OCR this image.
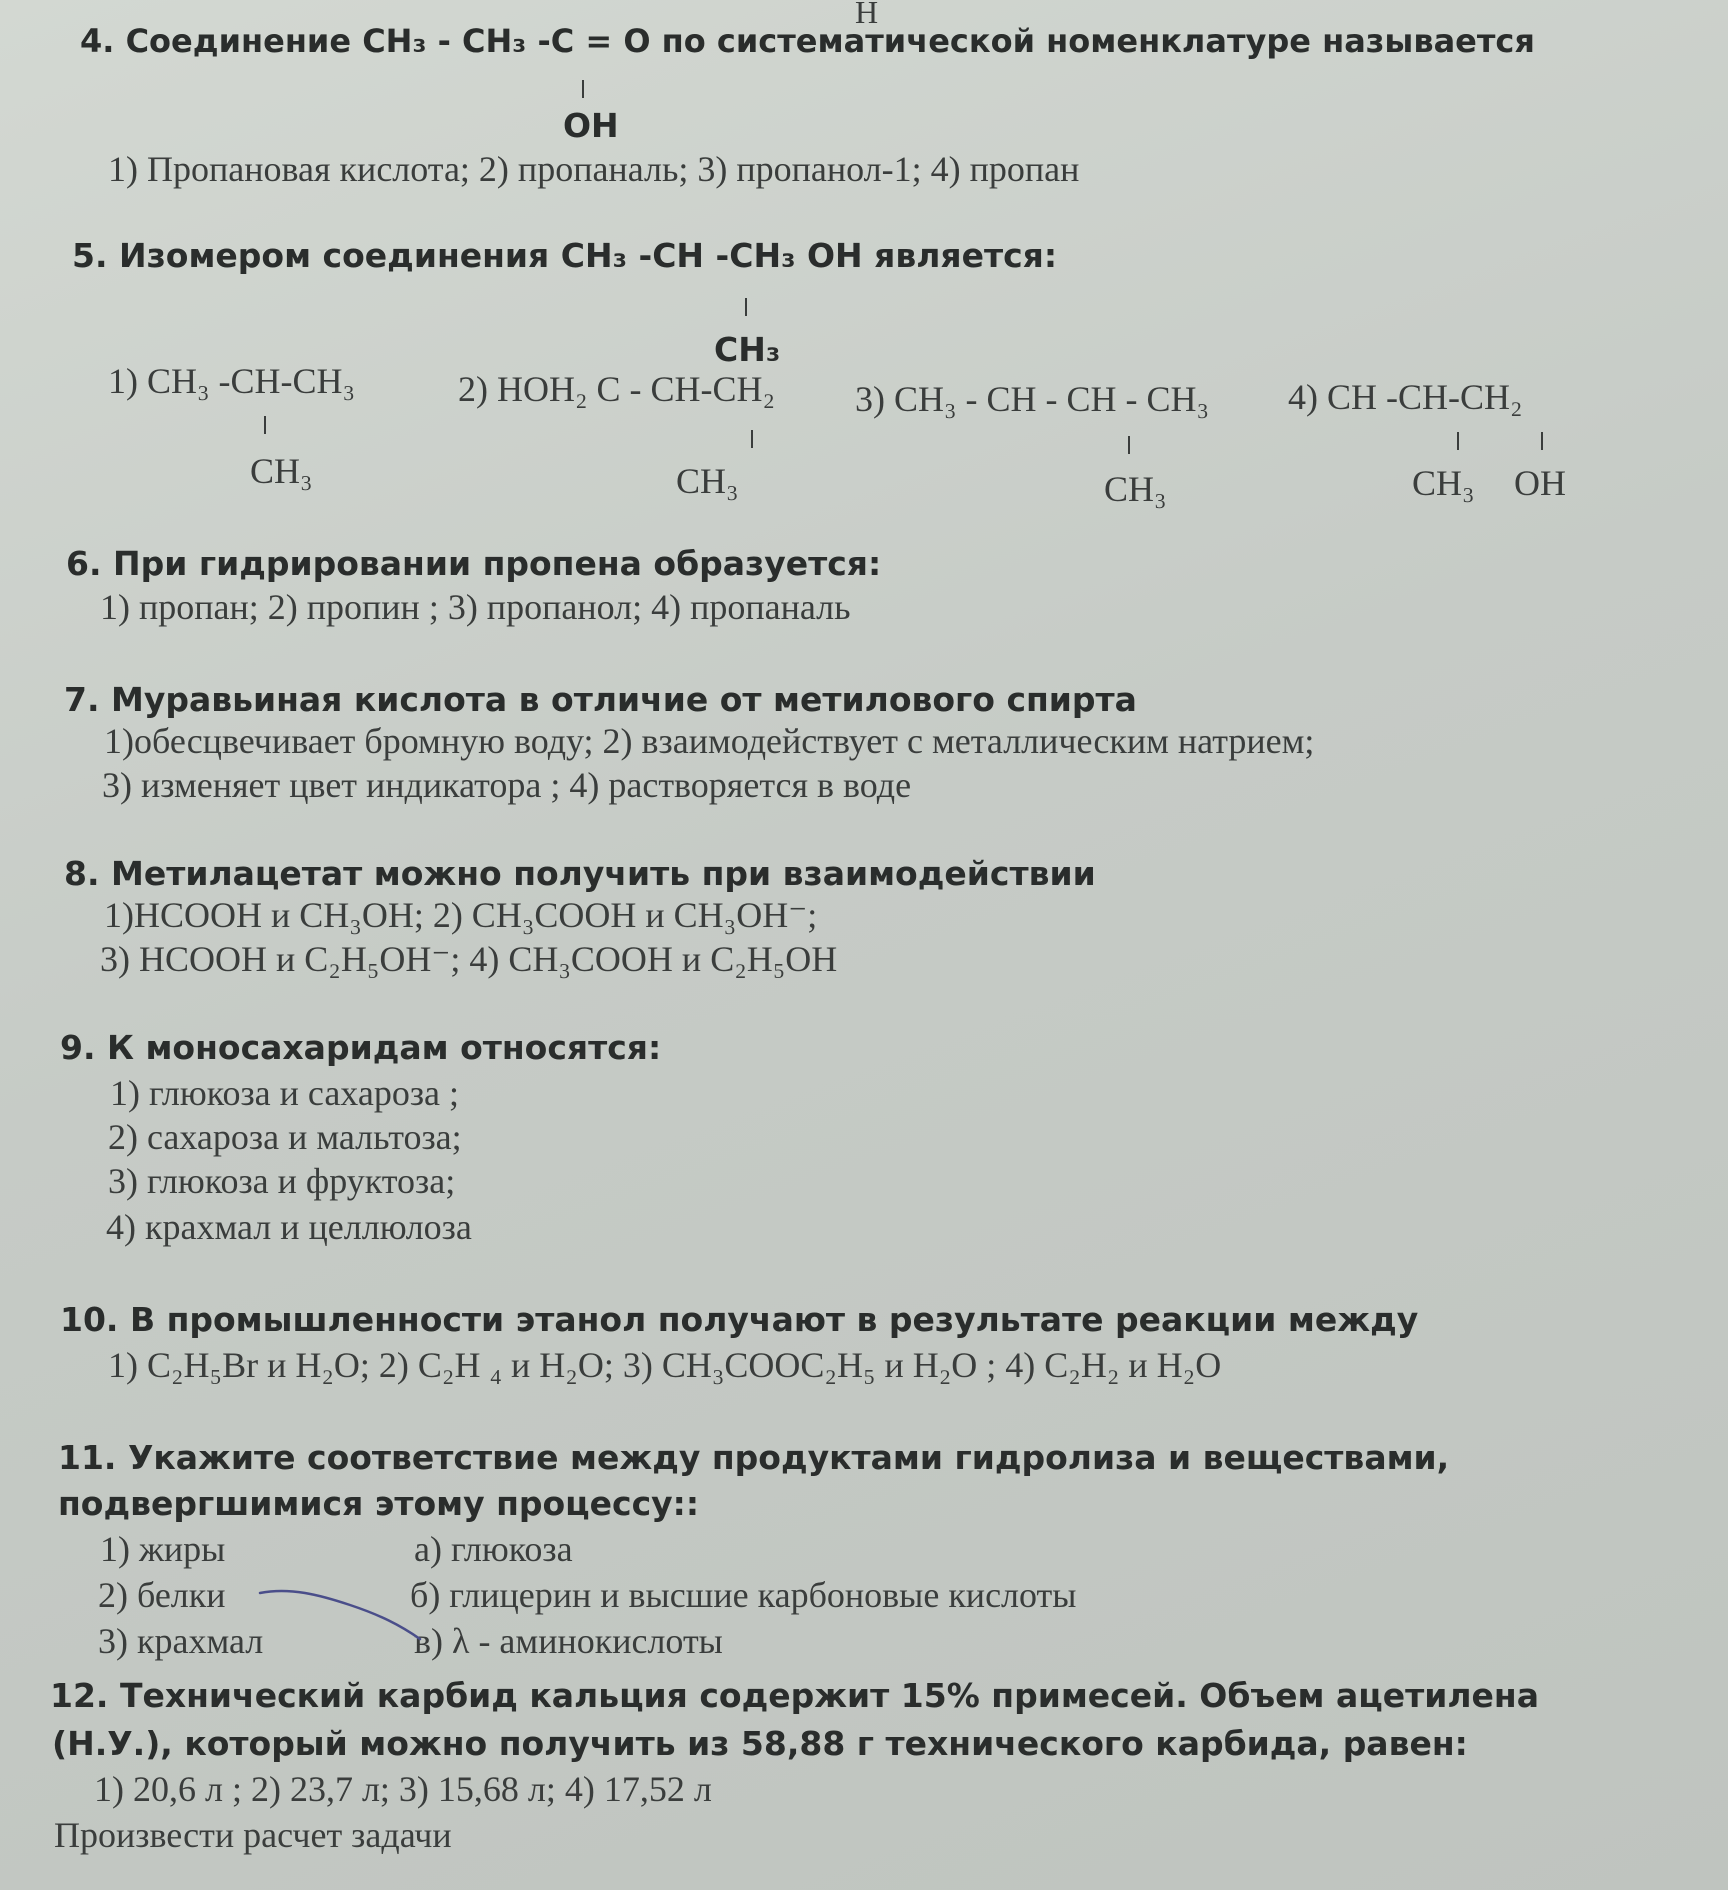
H
4. Соединение CH₃ - CH₃ -C = O по систематической номенклатуре называется
OH
1) Пропановая кислота; 2) пропаналь; 3) пропанол-1; 4) пропан
5. Изомером соединения CH₃ -CH -CH₃ OH является:
CH₃
1) CH₃ -CH-CH₃
CH₃
2) HOH₂ C - CH-CH₂
CH₃
3) CH₃ - CH - CH - CH₃
CH₃
4) CH -CH-CH₂
CH₃ OH
6. При гидрировании пропена образуется:
1) пропан; 2) пропин ; 3) пропанол; 4) пропаналь
7. Муравьиная кислота в отличие от метилового спирта
1)обесцвечивает бромную воду; 2) взаимодействует с металлическим натрием;
3) изменяет цвет индикатора ; 4) растворяется в воде
8. Метилацетат можно получить при взаимодействии
1)HCOOH и CH₃OH; 2) CH₃COOH и CH₃OH⁻;
3) HCOOH и C₂H₅OH⁻; 4) CH₃COOH и C₂H₅OH
9. К моносахаридам относятся:
1) глюкоза и сахароза ;
2) сахароза и мальтоза;
3) глюкоза и фруктоза;
4) крахмал и целлюлоза
10. В промышленности этанол получают в результате реакции между
1) C₂H₅Br и H₂O; 2) C₂H ₄ и H₂O; 3) CH₃COOC₂H₅ и H₂O ; 4) C₂H₂ и H₂O
11. Укажите соответствие между продуктами гидролиза и веществами,
подвергшимися этому процессу::
1) жиры
2) белки
3) крахмал
а) глюкоза
б) глицерин и высшие карбоновые кислоты
в) λ - аминокислоты
12. Технический карбид кальция содержит 15% примесей. Объем ацетилена
(Н.У.), который можно получить из 58,88 г технического карбида, равен:
1) 20,6 л ; 2) 23,7 л; 3) 15,68 л; 4) 17,52 л
Произвести расчет задачи
